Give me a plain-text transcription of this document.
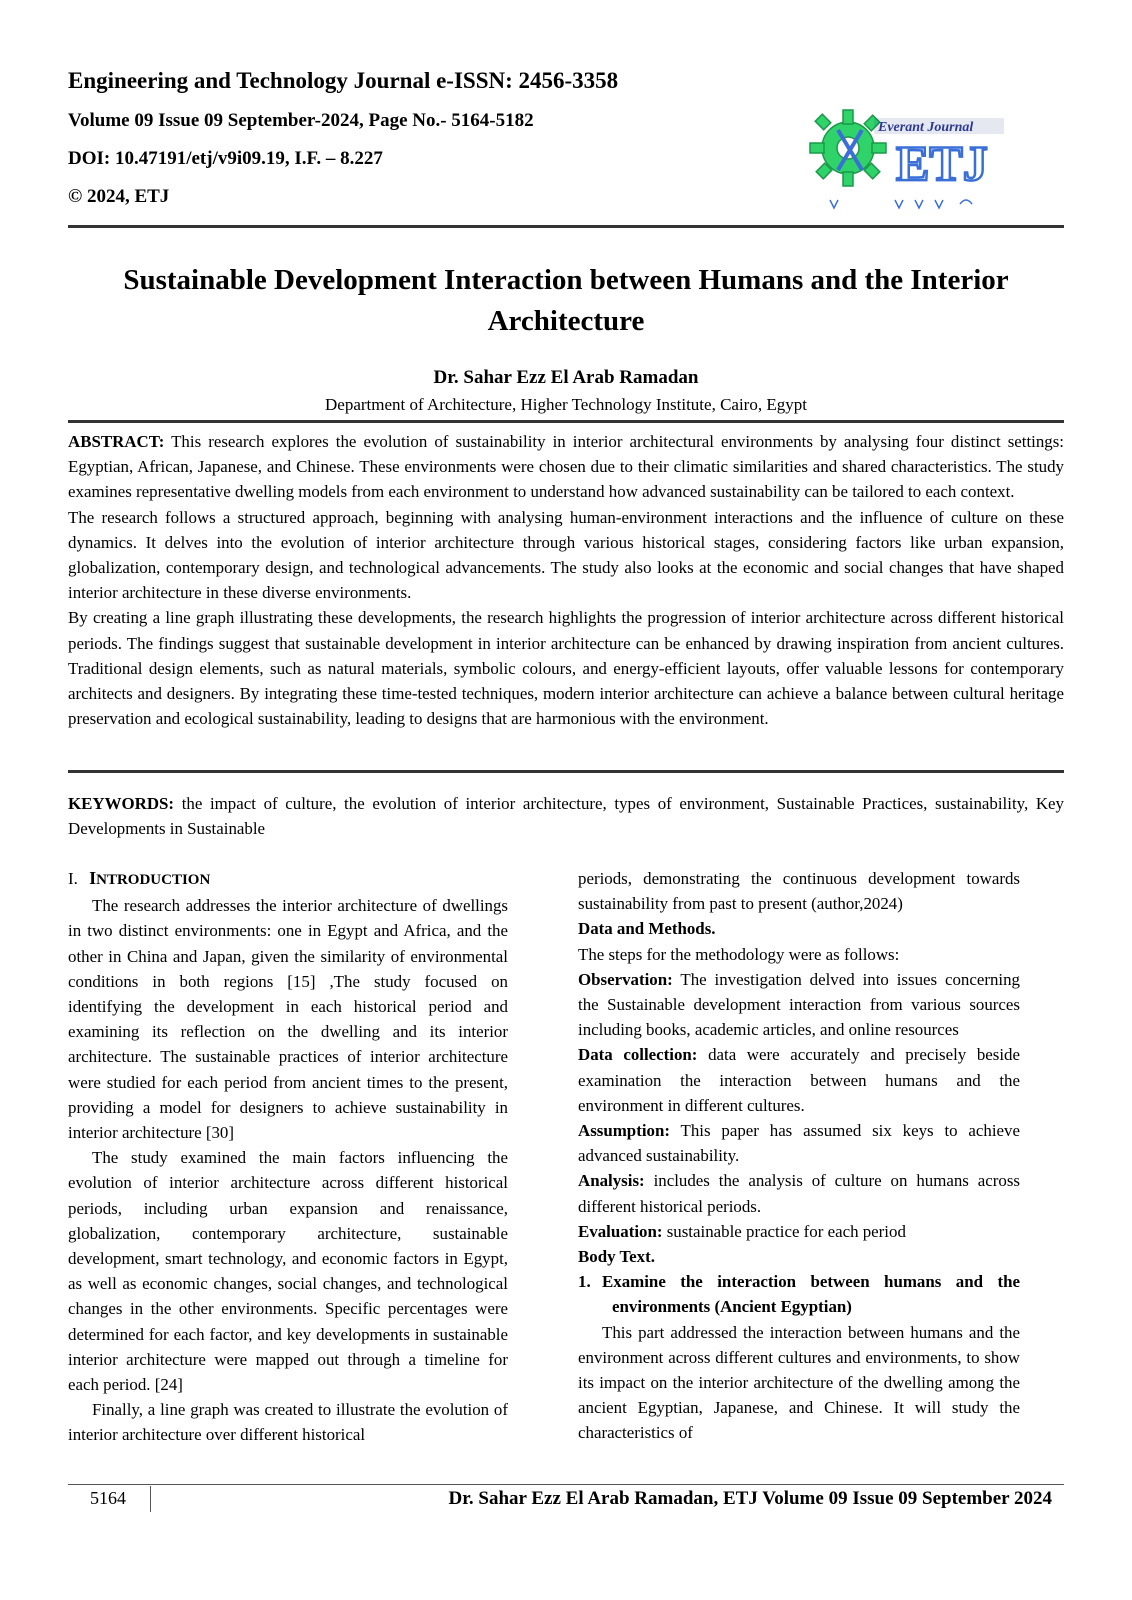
Engineering and Technology Journal e-ISSN: 2456-3358
Volume 09 Issue 09 September-2024, Page No.- 5164-5182
DOI: 10.47191/etj/v9i09.19, I.F. – 8.227
© 2024, ETJ
Everant Journal
ETJ
Sustainable Development Interaction between Humans and the Interior Architecture
Dr. Sahar Ezz El Arab Ramadan
Department of Architecture, Higher Technology Institute, Cairo, Egypt

ABSTRACT: This research explores the evolution of sustainability in interior architectural environments by analysing four distinct settings: Egyptian, African, Japanese, and Chinese. These environments were chosen due to their climatic similarities and shared characteristics. The study examines representative dwelling models from each environment to understand how advanced sustainability can be tailored to each context.

The research follows a structured approach, beginning with analysing human-environment interactions and the influence of culture on these dynamics. It delves into the evolution of interior architecture through various historical stages, considering factors like urban expansion, globalization, contemporary design, and technological advancements. The study also looks at the economic and social changes that have shaped interior architecture in these diverse environments.

By creating a line graph illustrating these developments, the research highlights the progression of interior architecture across different historical periods. The findings suggest that sustainable development in interior architecture can be enhanced by drawing inspiration from ancient cultures. Traditional design elements, such as natural materials, symbolic colours, and energy-efficient layouts, offer valuable lessons for contemporary architects and designers. By integrating these time-tested techniques, modern interior architecture can achieve a balance between cultural heritage preservation and ecological sustainability, leading to designs that are harmonious with the environment.

KEYWORDS: the impact of culture, the evolution of interior architecture, types of environment, Sustainable Practices, sustainability, Key Developments in Sustainable

I. INTRODUCTION

The research addresses the interior architecture of dwellings in two distinct environments: one in Egypt and Africa, and the other in China and Japan, given the similarity of environmental conditions in both regions [15] ,The study focused on identifying the development in each historical period and examining its reflection on the dwelling and its interior architecture. The sustainable practices of interior architecture were studied for each period from ancient times to the present, providing a model for designers to achieve sustainability in interior architecture [30]

The study examined the main factors influencing the evolution of interior architecture across different historical periods, including urban expansion and renaissance, globalization, contemporary architecture, sustainable development, smart technology, and economic factors in Egypt, as well as economic changes, social changes, and technological changes in the other environments. Specific percentages were determined for each factor, and key developments in sustainable interior architecture were mapped out through a timeline for each period. [24]

Finally, a line graph was created to illustrate the evolution of interior architecture over different historical

periods, demonstrating the continuous development towards sustainability from past to present (author,2024)

Data and Methods.

The steps for the methodology were as follows:

Observation: The investigation delved into issues concerning the Sustainable development interaction from various sources including books, academic articles, and online resources

Data collection: data were accurately and precisely beside examination the interaction between humans and the environment in different cultures.

Assumption: This paper has assumed six keys to achieve advanced sustainability.

Analysis: includes the analysis of culture on humans across different historical periods.

Evaluation: sustainable practice for each period

Body Text.

1. Examine the interaction between humans and the environments (Ancient Egyptian)

This part addressed the interaction between humans and the environment across different cultures and environments, to show its impact on the interior architecture of the dwelling among the ancient Egyptian, Japanese, and Chinese. It will study the characteristics of

5164	Dr. Sahar Ezz El Arab Ramadan, ETJ Volume 09 Issue 09 September 2024
